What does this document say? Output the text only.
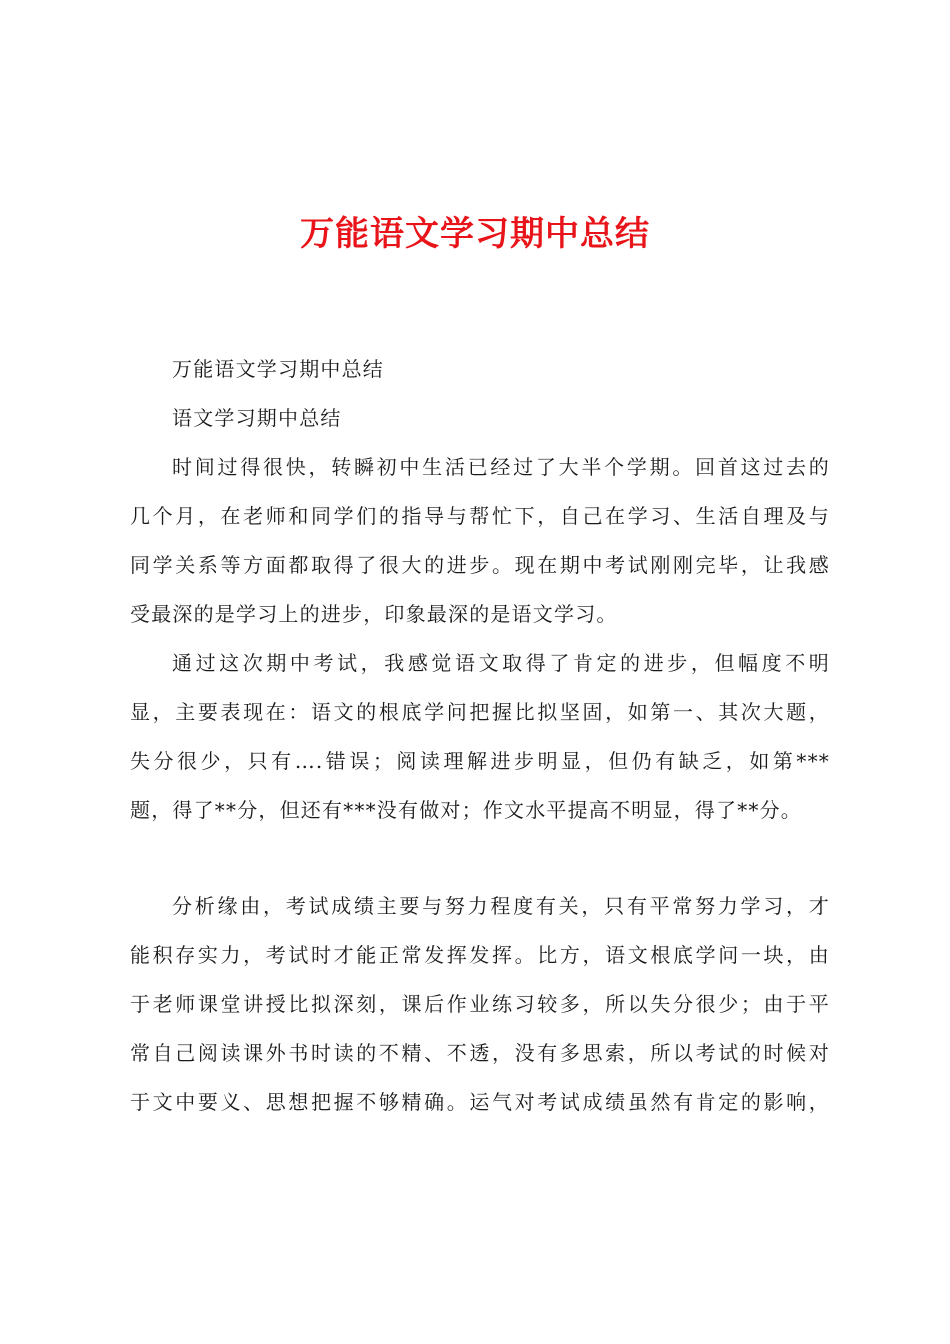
万能语文学习期中总结

万能语文学习期中总结

语文学习期中总结

时间过得很快，转瞬初中生活已经过了大半个学期。回首这过去的

几个月，在老师和同学们的指导与帮忙下，自己在学习、生活自理及与

同学关系等方面都取得了很大的进步。现在期中考试刚刚完毕，让我感

受最深的是学习上的进步，印象最深的是语文学习。

通过这次期中考试，我感觉语文取得了肯定的进步，但幅度不明

显，主要表现在：语文的根底学问把握比拟坚固，如第一、其次大题，

失分很少，只有….错误；阅读理解进步明显，但仍有缺乏，如第***

题，得了**分，但还有***没有做对；作文水平提高不明显，得了**分。

分析缘由，考试成绩主要与努力程度有关，只有平常努力学习，才

能积存实力，考试时才能正常发挥发挥。比方，语文根底学问一块，由

于老师课堂讲授比拟深刻，课后作业练习较多，所以失分很少；由于平

常自己阅读课外书时读的不精、不透，没有多思索，所以考试的时候对

于文中要义、思想把握不够精确。运气对考试成绩虽然有肯定的影响，
